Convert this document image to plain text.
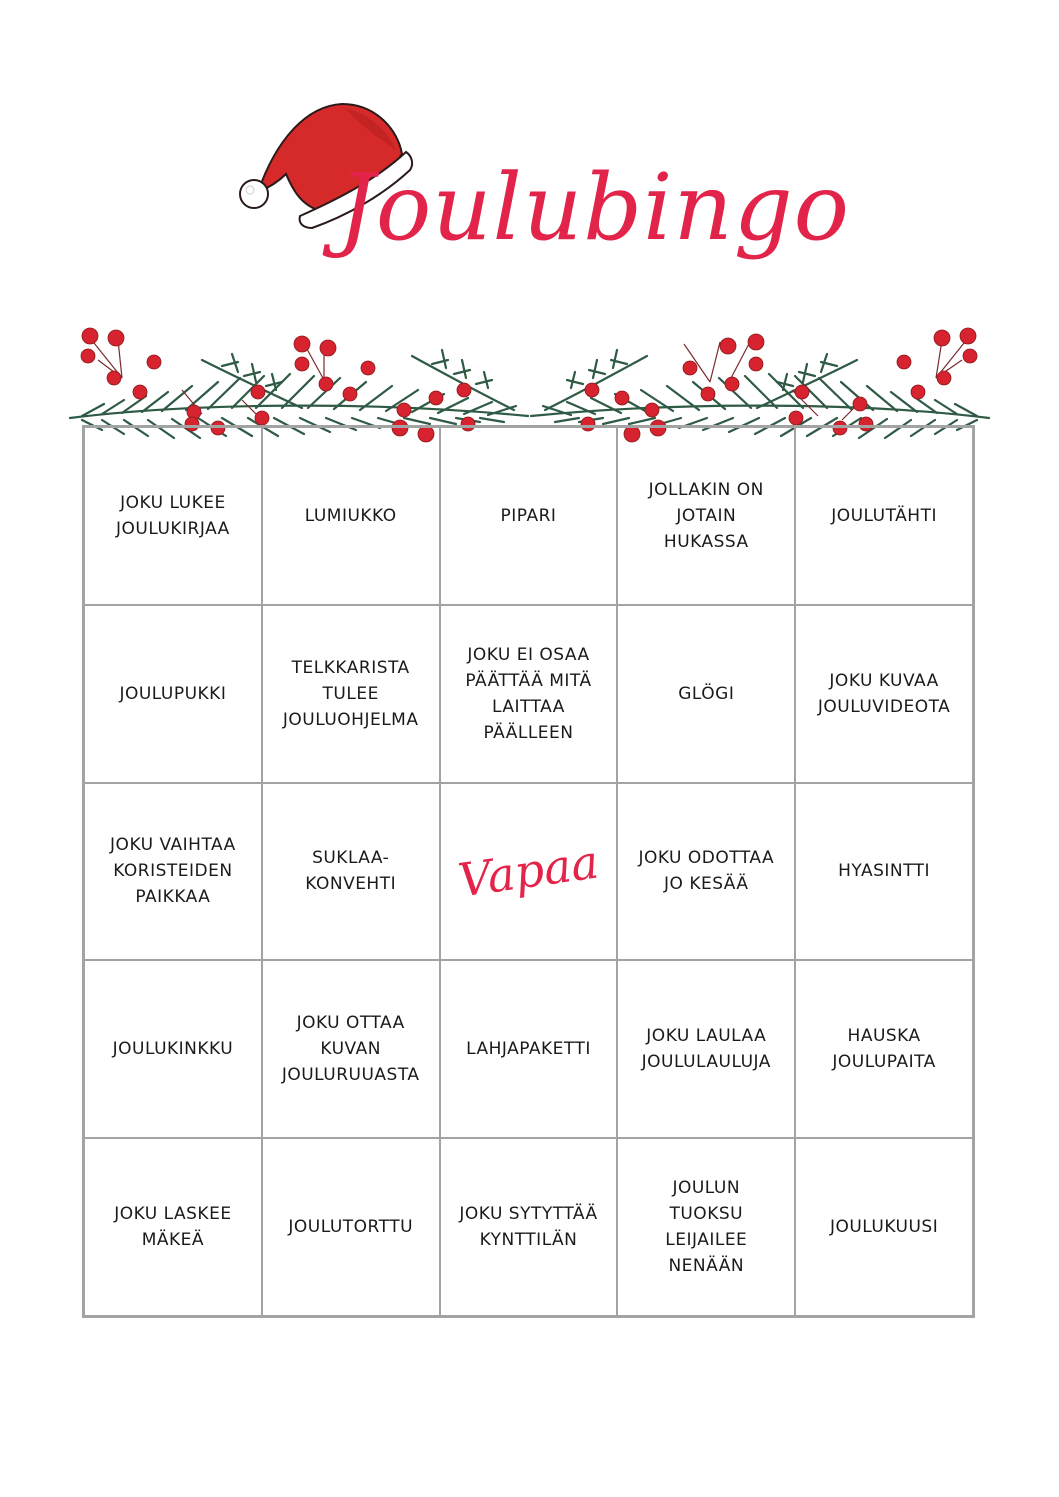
Joulubingo
JOKU LUKEE
JOULUKIRJAA
LUMIUKKO	PIPARI
JOLLAKIN ON
JOTAIN
HUKASSA
JOULUTÄHTI
JOULUPUKKI
TELKKARISTA
TULEE
JOULUOHJELMA
JOKU EI OSAA
PÄÄTTÄÄ MITÄ
LAITTAA
PÄÄLLEEN
GLÖGI
JOKU KUVAA
JOULUVIDEOTA
JOKU VAIHTAA
KORISTEIDEN
PAIKKAA
SUKLAA-
KONVEHTI Vapaa JOKU ODOTTAA
JO KESÄÄ
HYASINTTI
JOULUKINKKU
JOKU OTTAA
KUVAN
JOULURUUASTA
LAHJAPAKETTI
JOKU LAULAA
JOULULAULUJA
HAUSKA
JOULUPAITA
JOKU LASKEE
MÄKEÄ
JOULUTORTTU
JOKU SYTYTTÄÄ
KYNTTILÄN
JOULUN
TUOKSU
LEIJAILEE
NENÄÄN
JOULUKUUSI
